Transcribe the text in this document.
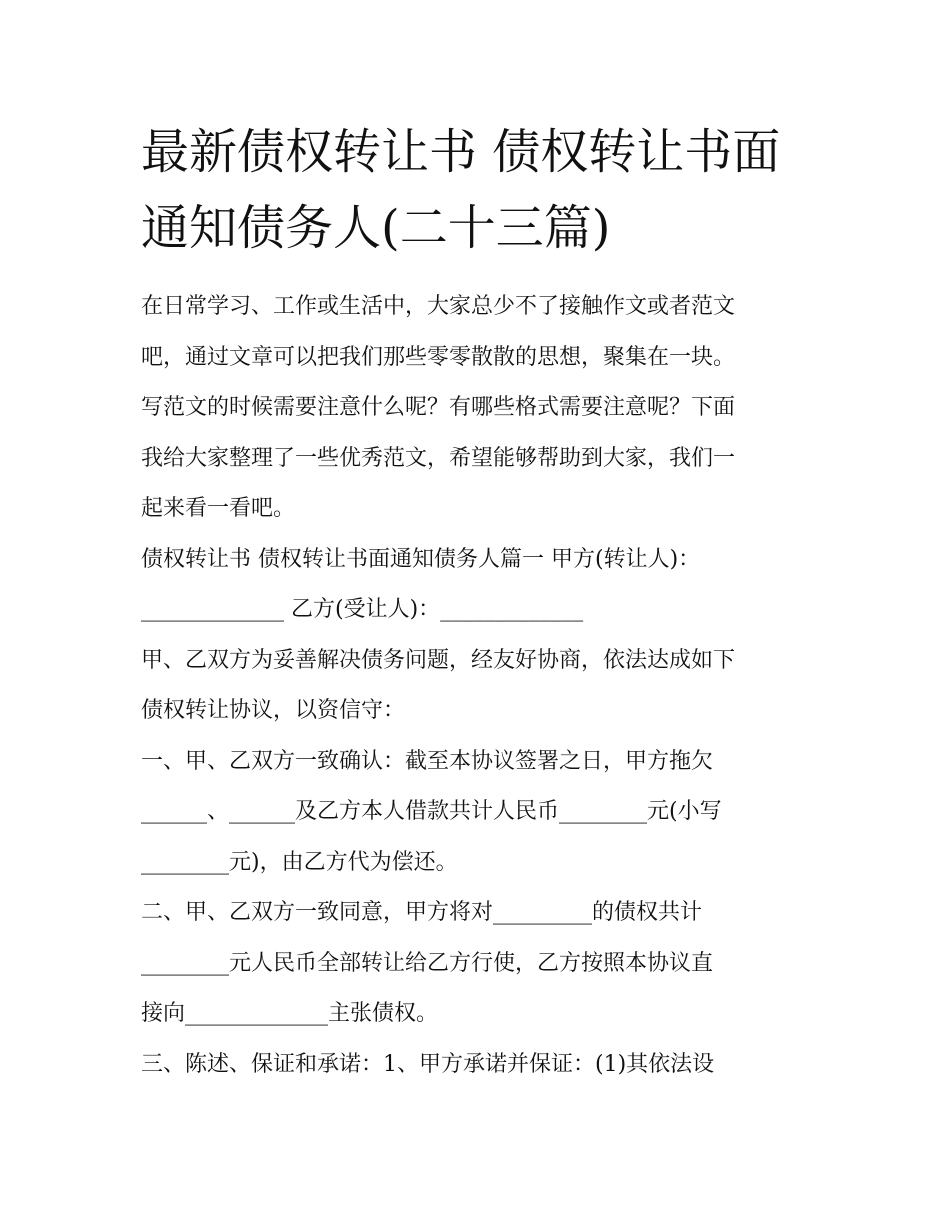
最新债权转让书 债权转让书面
通知债务人(二十三篇)
在日常学习、工作或生活中，大家总少不了接触作文或者范文
吧，通过文章可以把我们那些零零散散的思想，聚集在一块。
写范文的时候需要注意什么呢？有哪些格式需要注意呢？下面
我给大家整理了一些优秀范文，希望能够帮助到大家，我们一
起来看一看吧。
债权转让书 债权转让书面通知债务人篇一 甲方(转让人)：
_____________ 乙方(受让人)：_____________
甲、乙双方为妥善解决债务问题，经友好协商，依法达成如下
债权转让协议，以资信守：
一、甲、乙双方一致确认：截至本协议签署之日，甲方拖欠
______、______及乙方本人借款共计人民币________元(小写
________元)，由乙方代为偿还。
二、甲、乙双方一致同意，甲方将对_________的债权共计
________元人民币全部转让给乙方行使，乙方按照本协议直
接向_____________主张债权。
三、陈述、保证和承诺：1、甲方承诺并保证：(1)其依法设
